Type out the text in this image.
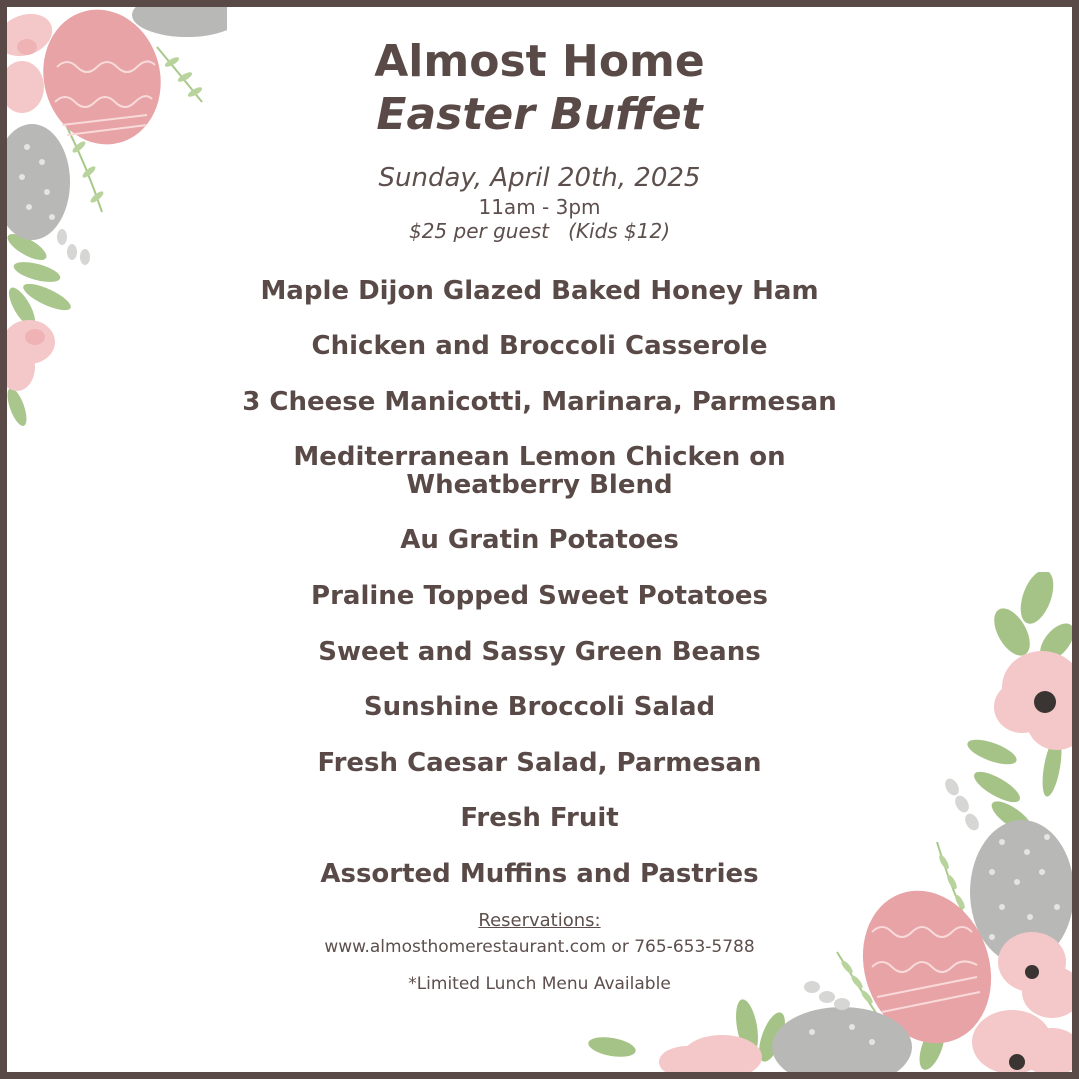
Almost Home
Easter Buffet
Sunday, April 20th, 2025
11am - 3pm
$25 per guest   (Kids $12)
Maple Dijon Glazed Baked Honey Ham
Chicken and Broccoli Casserole
3 Cheese Manicotti, Marinara, Parmesan
Mediterranean Lemon Chicken on Wheatberry Blend
Au Gratin Potatoes
Praline Topped Sweet Potatoes
Sweet and Sassy Green Beans
Sunshine Broccoli Salad
Fresh Caesar Salad, Parmesan
Fresh Fruit
Assorted Muffins and Pastries
Reservations:
www.almosthomerestaurant.com or 765-653-5788
*Limited Lunch Menu Available
